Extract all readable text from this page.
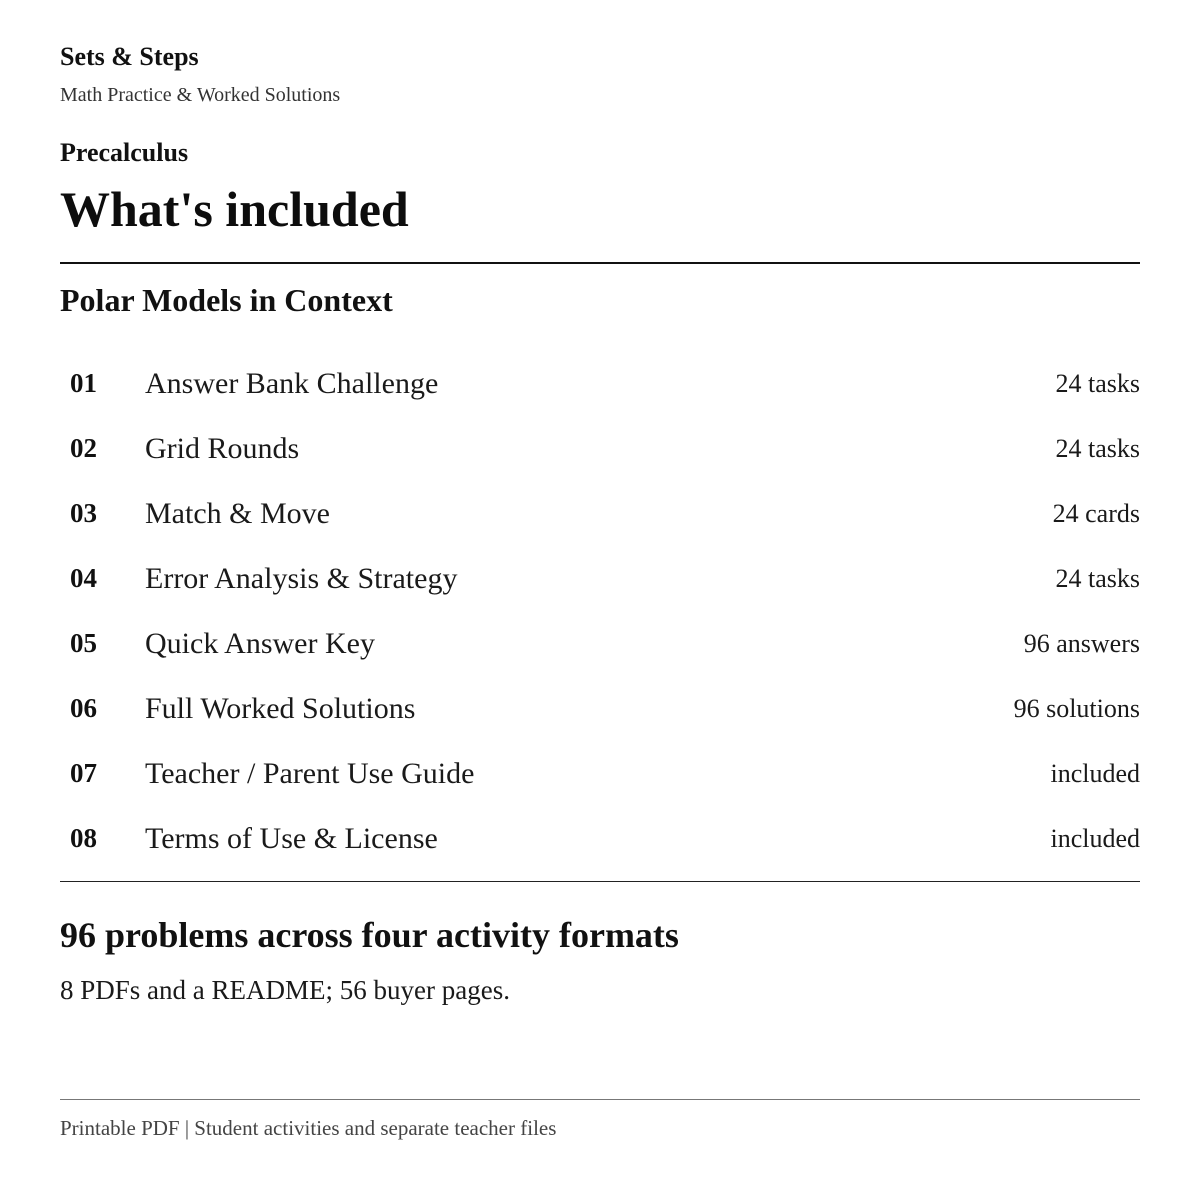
Sets & Steps
Math Practice & Worked Solutions
Precalculus
What's included
Polar Models in Context
01 Answer Bank Challenge	24 tasks
02 Grid Rounds	24 tasks
03 Match & Move	24 cards
04 Error Analysis & Strategy	24 tasks
05 Quick Answer Key	96 answers
06 Full Worked Solutions	96 solutions
07 Teacher / Parent Use Guide	included
08 Terms of Use & License	included
96 problems across four activity formats
8 PDFs and a README; 56 buyer pages.
Printable PDF | Student activities and separate teacher files
